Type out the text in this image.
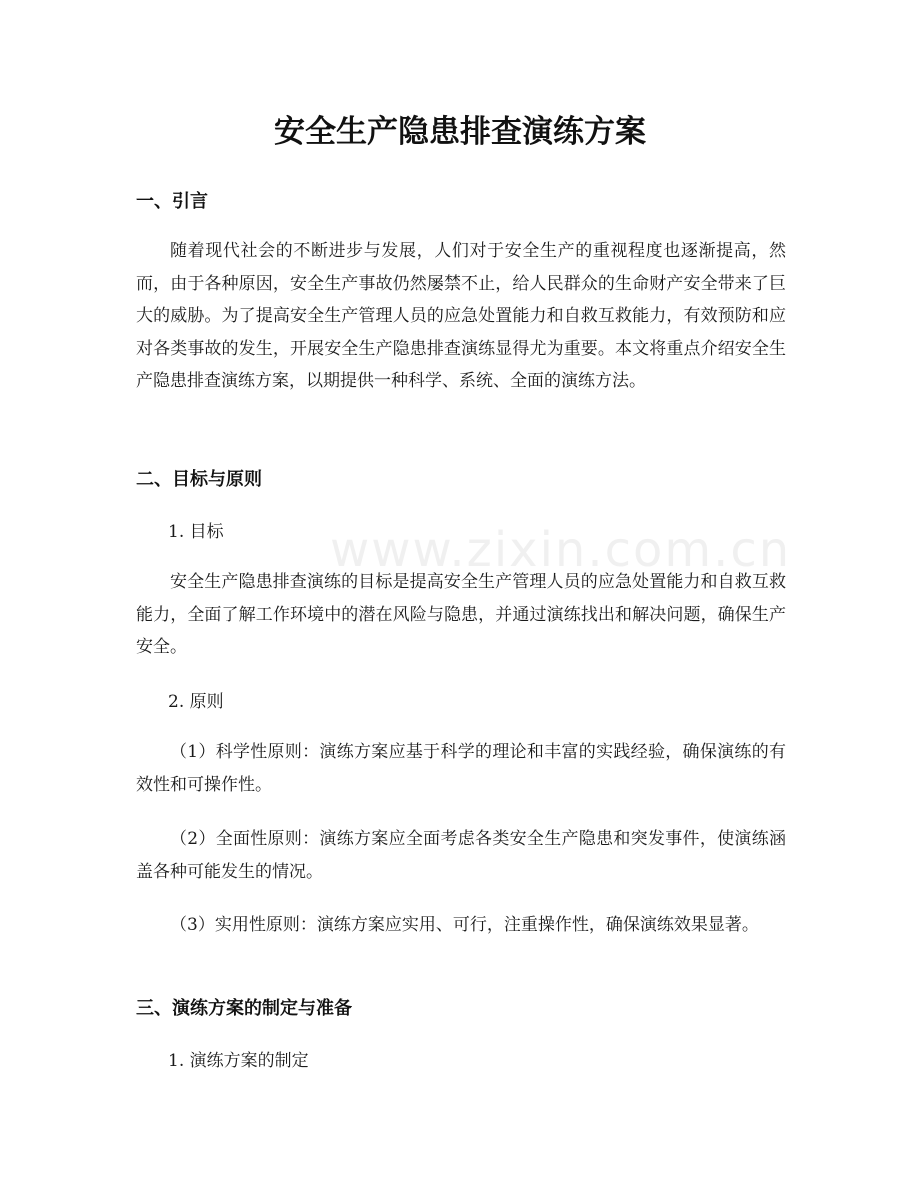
安全生产隐患排查演练方案
一、引言

随着现代社会的不断进步与发展，人们对于安全生产的重视程度也逐渐提高，然而，由于各种原因，安全生产事故仍然屡禁不止，给人民群众的生命财产安全带来了巨大的威胁。为了提高安全生产管理人员的应急处置能力和自救互救能力，有效预防和应对各类事故的发生，开展安全生产隐患排查演练显得尤为重要。本文将重点介绍安全生产隐患排查演练方案，以期提供一种科学、系统、全面的演练方法。

二、目标与原则

1. 目标

安全生产隐患排查演练的目标是提高安全生产管理人员的应急处置能力和自救互救能力，全面了解工作环境中的潜在风险与隐患，并通过演练找出和解决问题，确保生产安全。

2. 原则

（1）科学性原则：演练方案应基于科学的理论和丰富的实践经验，确保演练的有效性和可操作性。

（2）全面性原则：演练方案应全面考虑各类安全生产隐患和突发事件，使演练涵盖各种可能发生的情况。

（3）实用性原则：演练方案应实用、可行，注重操作性，确保演练效果显著。

三、演练方案的制定与准备

1. 演练方案的制定

www.zixin.com.cn
